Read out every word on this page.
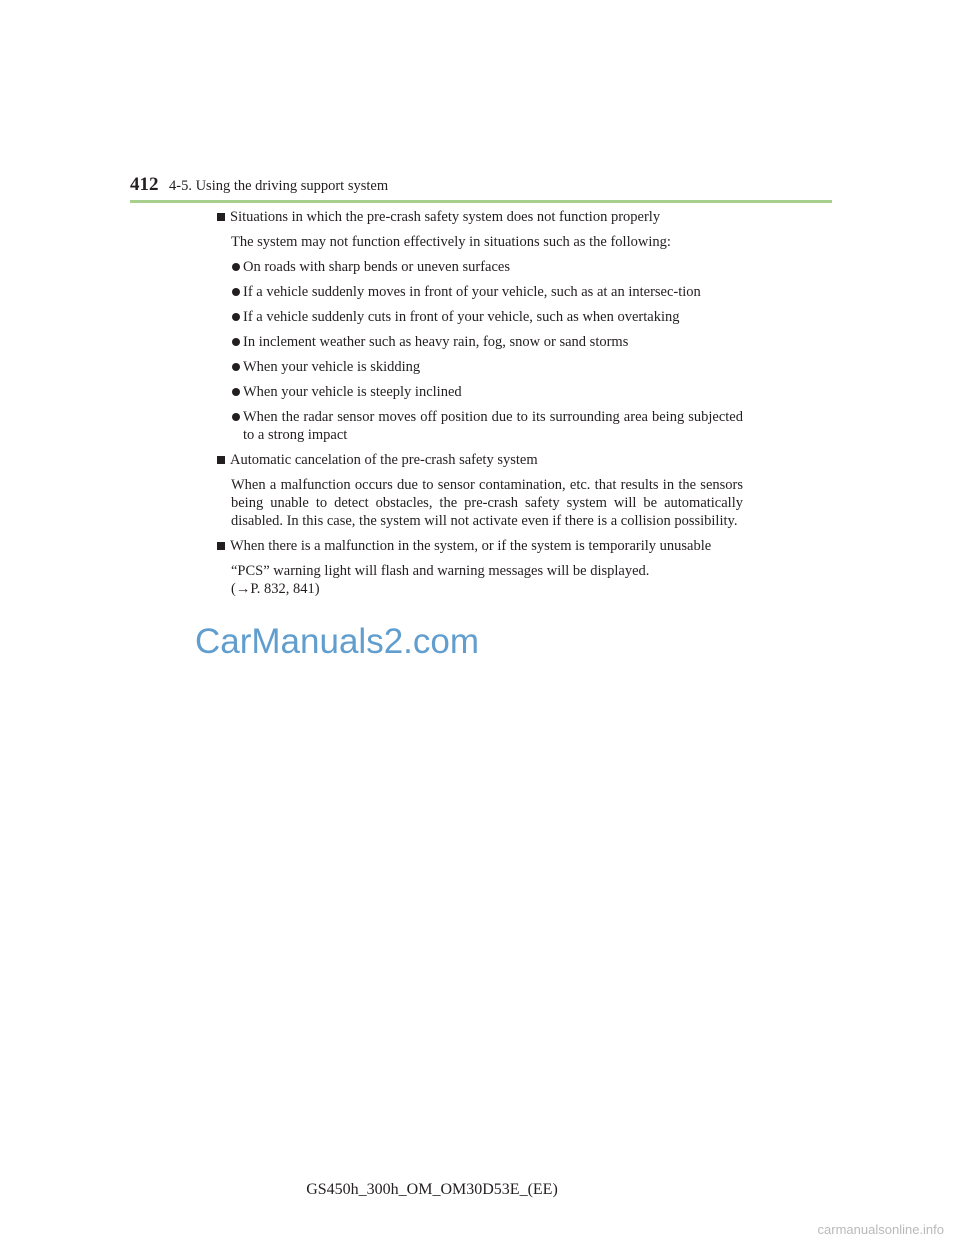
412 4-5. Using the driving support system
Situations in which the pre-crash safety system does not function properly
The system may not function effectively in situations such as the following:
On roads with sharp bends or uneven surfaces
If a vehicle suddenly moves in front of your vehicle, such as at an intersec-tion
If a vehicle suddenly cuts in front of your vehicle, such as when overtaking
In inclement weather such as heavy rain, fog, snow or sand storms
When your vehicle is skidding
When your vehicle is steeply inclined
When the radar sensor moves off position due to its surrounding area being subjected to a strong impact
Automatic cancelation of the pre-crash safety system
When a malfunction occurs due to sensor contamination, etc. that results in the sensors being unable to detect obstacles, the pre-crash safety system will be automatically disabled. In this case, the system will not activate even if there is a collision possibility.
When there is a malfunction in the system, or if the system is temporarily unusable
“PCS” warning light will flash and warning messages will be displayed.
(→P. 832, 841)
CarManuals2.com
GS450h_300h_OM_OM30D53E_(EE)
carmanualsonline.info
